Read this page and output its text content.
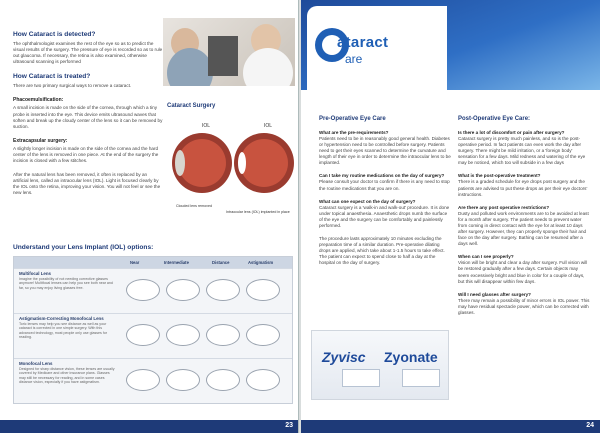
How Cataract is detected?
The ophthalmologist examines the rest of the eye so as to predict the visual results of the surgery. The pressure of eye is recorded so as to rule out glaucoma. If necessary, the retina is also examined, otherwise ultrasound scanning is performed
How Cataract is treated?
There are two primary surgical ways to remove a cataract.
Phacoemulsification:
A small incision is made on the side of the cornea, through which a tiny probe is inserted into the eye. This device emits ultrasound waves that soften and break up the cloudy center of the lens so it can be removed by suction.
Extracapsular surgery:
A slightly longer incision is made on the side of the cornea and the hard center of the lens is removed in one piece. At the end of the surgery the incision is closed with a few stitches.
After the natural lens has been removed, it often is replaced by an artificial lens, called an intraocular lens (IOL). Light is focused clearly by the IOL onto the retina, improving your vision. You will not feel or see the new lens.
Cataract Surgery
IOL	IOL
Clouded lens removed
Intraocular lens (IOL) implanted in place
Understand your Lens Implant (IOL) options:
Near	Intermediate	Distance	Astigmatism
Multifocal Lens
Imagine the possibility of not needing corrective glasses anymore! Multifocal lenses can help you see both near and far, so you may enjoy living glasses free.
Astigmatism-Correcting Monofocal Lens
Toric lenses may help you see distance as well as your cataract is corrected in one simple surgery. With this advanced technology, most people only use glasses for reading.
Monofocal Lens
Designed for sharp distance vision, these lenses are usually covered by Medicare and other insurance plans. Glasses may still be necessary for reading, and in some cases distance vision, especially if you have astigmatism.
23
ataract
are
Pre-Operative Eye Care
What are the pre-requirements?
Patients need to be in reasonably good general health. Diabetes or hypertension need to be controlled before surgery. Patients need to get their eyes scanned to determine the curvature and length of their eye in order to determine the intraocular lens to be implanted.
Can I take my routine medications on the day of surgery?
Please consult your doctor to confirm if there is any need to stop the routine medications that you are on.
What can one expect on the day of surgery?
Cataract surgery is a 'walk-in and walk-out' procedure. It is done under topical anaesthesia. Anaesthetic drops numb the surface of the eye and the surgery can be comfortably and painlessly performed.
The procedure lasts approximately 10 minutes excluding the preparation time of a similar duration. Pre-operative dilating drops are applied, which take about 1-1.5 hours to take effect. The patient can expect to spend close to half a day at the hospital on the day of surgery.
Post-Operative Eye Care:
Is there a lot of discomfort or pain after surgery?
Cataract surgery is pretty much painless, and so is the post-operative period. In fact patients can even work the day after surgery. There might be mild irritation, or a 'foreign body' sensation for a few days. Mild redness and watering of the eye may be noticed, which too will subside in a few days
What is the post-operative treatment?
There is a graded schedule for eye drops post surgery and the patients are advised to put these drops as per their eye doctors' instructions.
Are there any post operative restrictions?
Dusty and polluted work environments are to be avoided at least for a month after surgery. The patient needs to prevent water from coming in direct contact with the eye for at least 10 days after surgery. However, they can properly sponge their hair and face on the day after surgery. Bathing can be resumed after a days well.
When can I see properly?
Vision will be bright and clear a day after surgery. Full vision will be restored gradually after a few days. Certain objects may seem excessively bright and blue in color for a couple of days, but this will disappear within few days.
Will I need glasses after surgery?
There may remain a possibility of minor errors in IOL power. This may have residual spectacle power, which can be corrected with glasses.
Zyvisc Zyonate
24
